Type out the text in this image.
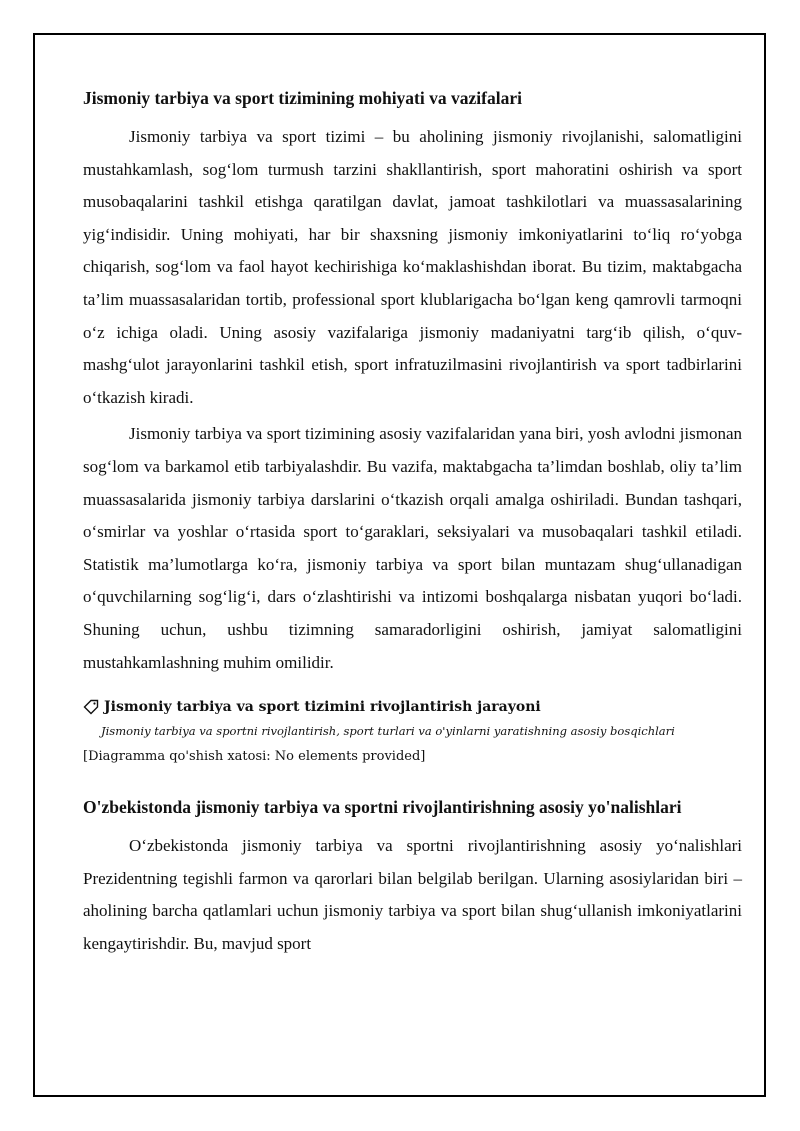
Jismoniy tarbiya va sport tizimining mohiyati va vazifalari

Jismoniy tarbiya va sport tizimi – bu aholining jismoniy rivojlanishi, salomatligini mustahkamlash, sog‘lom turmush tarzini shakllantirish, sport mahoratini oshirish va sport musobaqalarini tashkil etishga qaratilgan davlat, jamoat tashkilotlari va muassasalarining yig‘indisidir. Uning mohiyati, har bir shaxsning jismoniy imkoniyatlarini to‘liq ro‘yobga chiqarish, sog‘lom va faol hayot kechirishiga ko‘maklashishdan iborat. Bu tizim, maktabgacha ta’lim muassasalaridan tortib, professional sport klublarigacha bo‘lgan keng qamrovli tarmoqni o‘z ichiga oladi. Uning asosiy vazifalariga jismoniy madaniyatni targ‘ib qilish, o‘quv-mashg‘ulot jarayonlarini tashkil etish, sport infratuzilmasini rivojlantirish va sport tadbirlarini o‘tkazish kiradi.

Jismoniy tarbiya va sport tizimining asosiy vazifalaridan yana biri, yosh avlodni jismonan sog‘lom va barkamol etib tarbiyalashdir. Bu vazifa, maktabgacha ta’limdan boshlab, oliy ta’lim muassasalarida jismoniy tarbiya darslarini o‘tkazish orqali amalga oshiriladi. Bundan tashqari, o‘smirlar va yoshlar o‘rtasida sport to‘garaklari, seksiyalari va musobaqalari tashkil etiladi. Statistik ma’lumotlarga ko‘ra, jismoniy tarbiya va sport bilan muntazam shug‘ullanadigan o‘quvchilarning sog‘lig‘i, dars o‘zlashtirishi va intizomi boshqalarga nisbatan yuqori bo‘ladi. Shuning uchun, ushbu tizimning samaradorligini oshirish, jamiyat salomatligini mustahkamlashning muhim omilidir.

Jismoniy tarbiya va sport tizimini rivojlantirish jarayoni
Jismoniy tarbiya va sportni rivojlantirish, sport turlari va o'yinlarni yaratishning asosiy bosqichlari
[Diagramma qo'shish xatosi: No elements provided]
O'zbekistonda jismoniy tarbiya va sportni rivojlantirishning asosiy yo'nalishlari

O‘zbekistonda jismoniy tarbiya va sportni rivojlantirishning asosiy yo‘nalishlari Prezidentning tegishli farmon va qarorlari bilan belgilab berilgan. Ularning asosiylaridan biri – aholining barcha qatlamlari uchun jismoniy tarbiya va sport bilan shug‘ullanish imkoniyatlarini kengaytirishdir. Bu, mavjud sport
